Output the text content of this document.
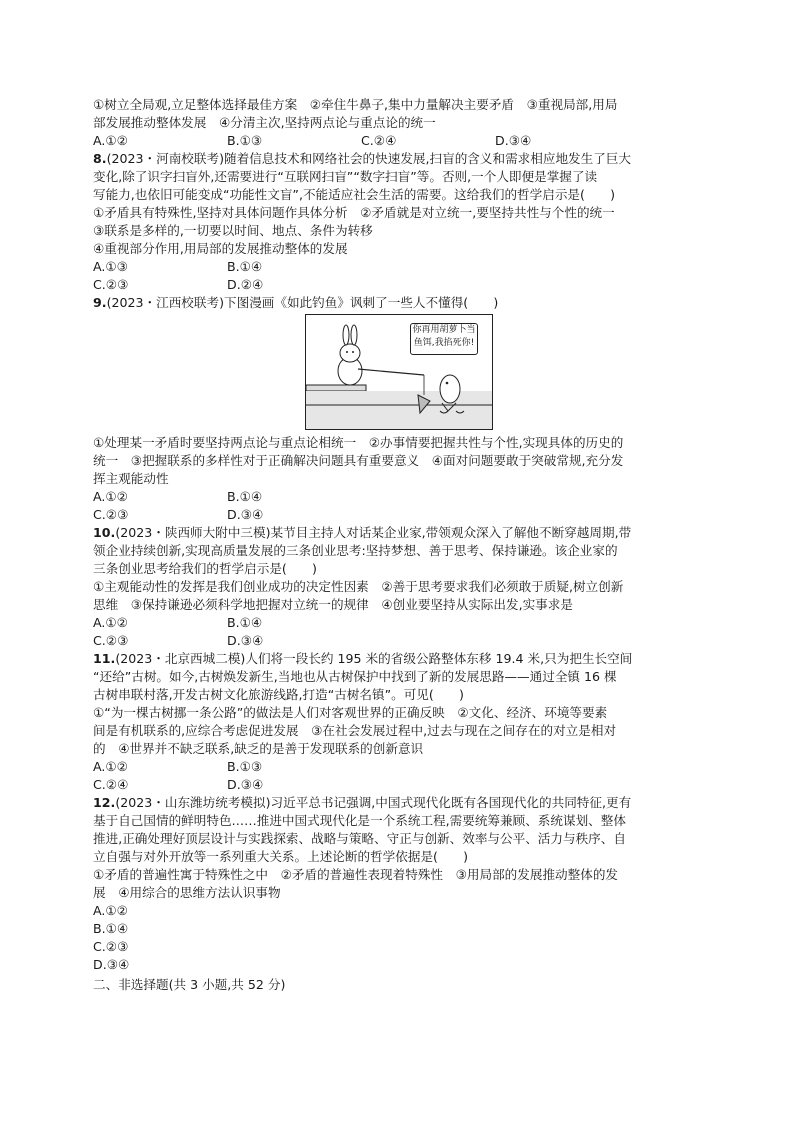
①树立全局观,立足整体选择最佳方案　②牵住牛鼻子,集中力量解决主要矛盾　③重视局部,用局
部发展推动整体发展　④分清主次,坚持两点论与重点论的统一
A.①②	B.①③	C.②④	D.③④
8.(2023・河南校联考)随着信息技术和网络社会的快速发展,扫盲的含义和需求相应地发生了巨大
变化,除了识字扫盲外,还需要进行“互联网扫盲”“数字扫盲”等。否则,一个人即便是掌握了读
写能力,也依旧可能变成“功能性文盲”,不能适应社会生活的需要。这给我们的哲学启示是(　　)
①矛盾具有特殊性,坚持对具体问题作具体分析　②矛盾就是对立统一,要坚持共性与个性的统一
③联系是多样的,一切要以时间、地点、条件为转移
④重视部分作用,用局部的发展推动整体的发展
A.①③	B.①④
C.②③	D.②④
9.(2023・江西校联考)下图漫画《如此钓鱼》讽刺了一些人不懂得(　　)
你再用胡萝卜当
鱼饵,我掐死你!
①处理某一矛盾时要坚持两点论与重点论相统一　②办事情要把握共性与个性,实现具体的历史的
统一　③把握联系的多样性对于正确解决问题具有重要意义　④面对问题要敢于突破常规,充分发
挥主观能动性
A.①②	B.①④
C.②③	D.③④
10.(2023・陕西师大附中三模)某节目主持人对话某企业家,带领观众深入了解他不断穿越周期,带
领企业持续创新,实现高质量发展的三条创业思考:坚持梦想、善于思考、保持谦逊。该企业家的
三条创业思考给我们的哲学启示是(　　)
①主观能动性的发挥是我们创业成功的决定性因素　②善于思考要求我们必须敢于质疑,树立创新
思维　③保持谦逊必须科学地把握对立统一的规律　④创业要坚持从实际出发,实事求是
A.①②	B.①④
C.②③	D.③④
11.(2023・北京西城二模)人们将一段长约 195 米的省级公路整体东移 19.4 米,只为把生长空间
“还给”古树。如今,古树焕发新生,当地也从古树保护中找到了新的发展思路——通过全镇 16 棵
古树串联村落,开发古树文化旅游线路,打造“古树名镇”。可见(　　)
①“为一棵古树挪一条公路”的做法是人们对客观世界的正确反映　②文化、经济、环境等要素
间是有机联系的,应综合考虑促进发展　③在社会发展过程中,过去与现在之间存在的对立是相对
的　④世界并不缺乏联系,缺乏的是善于发现联系的创新意识
A.①②	B.①③
C.②④	D.③④
12.(2023・山东潍坊统考模拟)习近平总书记强调,中国式现代化既有各国现代化的共同特征,更有
基于自己国情的鲜明特色……推进中国式现代化是一个系统工程,需要统筹兼顾、系统谋划、整体
推进,正确处理好顶层设计与实践探索、战略与策略、守正与创新、效率与公平、活力与秩序、自
立自强与对外开放等一系列重大关系。上述论断的哲学依据是(　　)
①矛盾的普遍性寓于特殊性之中　②矛盾的普遍性表现着特殊性　③用局部的发展推动整体的发
展　④用综合的思维方法认识事物
A.①②
B.①④
C.②③
D.③④
二、非选择题(共 3 小题,共 52 分)
